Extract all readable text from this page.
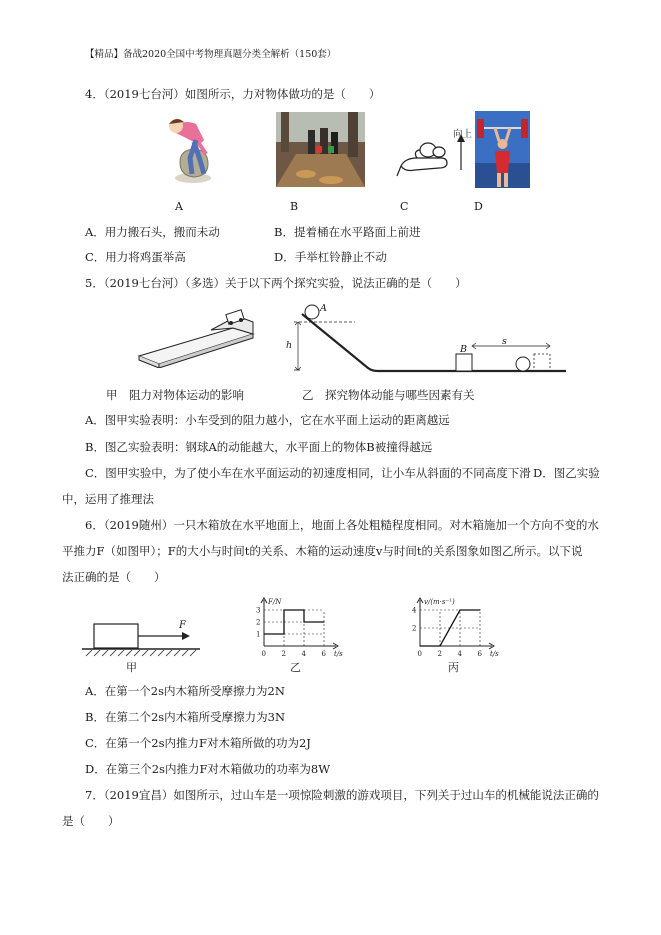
【精品】备战2020全国中考物理真题分类全解析（150套）
4．（2019七台河）如图所示，力对物体做功的是（　　）
A	B
向上
C	D
A．用力搬石头，搬而未动	B．提着桶在水平路面上前进
C．用力将鸡蛋举高	D．手举杠铃静止不动
5．（2019七台河）（多选）关于以下两个探究实验，说法正确的是（　　）
甲　阻力对物体运动的影响
A
h	B
s
乙　探究物体动能与哪些因素有关
A．图甲实验表明：小车受到的阻力越小，它在水平面上运动的距离越远
B．图乙实验表明：钢球A的动能越大，水平面上的物体B被撞得越远
C．图甲实验中，为了使小车在水平面运动的初速度相同，让小车从斜面的不同高度下滑 D．图乙实验
中，运用了推理法
6．（2019随州）一只木箱放在水平地面上，地面上各处粗糙程度相同。对木箱施加一个方向不变的水
平推力F（如图甲）；F的大小与时间t的关系、木箱的运动速度v与时间t的关系图象如图乙所示。以下说
法正确的是（　　）
F
甲
0 2 4 6
1
2
3
F/N
t/s
乙
0 2 4 6
2
4
v/(m·s⁻¹)
t/s
丙
A．在第一个2s内木箱所受摩擦力为2N
B．在第二个2s内木箱所受摩擦力为3N
C．在第一个2s内推力F对木箱所做的功为2J
D．在第三个2s内推力F对木箱做功的功率为8W
7．（2019宜昌）如图所示，过山车是一项惊险刺激的游戏项目，下列关于过山车的机械能说法正确的
是（　　）
